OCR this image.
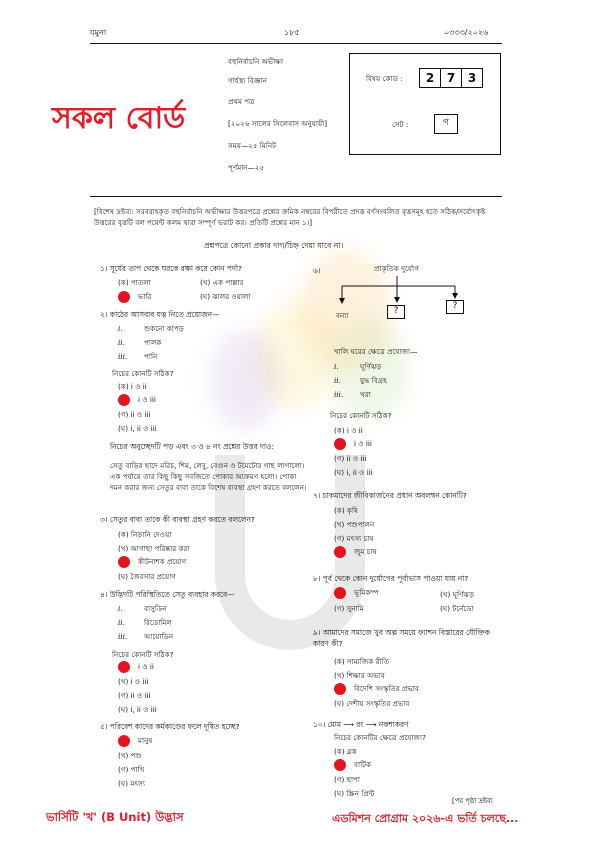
যমুনা	১৮৫	০৩৩৩/২০২৬
বহুনির্বাচনি অভীক্ষা
গার্হস্থ্য বিজ্ঞান
প্রথম পত্র
[২০২৬ সালের সিলেবাস অনুযায়ী]
সময়—২৫ মিনিট
পূর্ণমান—২৫
সকল বোর্ড
বিষয় কোড :	2	7	3
সেট :	গ
[বিশেষ দ্রষ্টব্য: সরবরাহকৃত বহুনির্বাচনি অভীক্ষার উত্তরপত্রে প্রশ্নের ক্রমিক নম্বরের বিপরীতে প্রদত্ত বর্ণসংবলিত বৃত্তসমূহ হতে সঠিক/সর্বোৎকৃষ্ট উত্তরের বৃত্তটি বল পয়েন্ট কলম দ্বারা সম্পূর্ণ ভরাট কর। প্রতিটি প্রশ্নের মান ১।]
প্রশ্নপত্রে কোনো প্রকার দাগ/চিহ্ন দেয়া যাবে না।
১। সূর্যের তাপ থেকে ঘরকে রক্ষা করে কোন পর্দা?
(ক) পাতলা	(খ) এক পাল্লার
ভারি	(ঘ) ঝালর ওয়ালা
২। কাঠের আসবাব যত্ন নিতে প্রয়োজন—
i.	শুকনো কাপড়
ii.	পালক
iii. পানি
নিচের কোনটি সঠিক?
(ক) i ও ii
i ও iii
(গ) ii ও iii
(ঘ) i, ii ও iii
নিচের অনুচ্ছেদটি পড় এবং ৩ ও ৪ নং প্রশ্নের উত্তর দাও:
সেতু বাড়ির ছাদে মরিচ, শিম, লেবু, বেগুন ও টমেটোর গাছ লাগালো। এক পর্যায়ে তার কিছু কিছু সবজিতে পোকার আক্রমণ হলো। পোকা দমন করার জন্য সেতুর বাবা তাকে বিশেষ ব্যবস্থা গ্রহণ করতে বললেন।
৩। সেতুর বাবা তাকে কী ব্যবস্থা গ্রহণ করতে বললেন?
(ক) নিড়ানি দেওয়া
(খ) আগাছা পরিষ্কার করা
কীটনাশক প্রয়োগ
(ঘ) জৈবসার প্রয়োগ
৪। উদ্ভিদটি পরিস্থিতিতে সেতু ব্যবহার করবে—
i.	বাসুডিন
ii.	রিডোমিল
iii. আয়োডিন
নিচের কোনটি সঠিক?
i ও ii
(খ) i ও iii
(গ) ii ও iii
(ঘ) i, ii ও iii
৫। পরিবেশ কাদের কর্মকাণ্ডের ফলে দূষিত হচ্ছে?
মানুষ
(খ) পশু
(গ) পাখি
(ঘ) মৎস্য
৬।	প্রাকৃতিক দুর্যোগ
বন্যা	?	?
খালি ঘরের ক্ষেত্রে প্রযোজ্য—
i.	ঘূর্ণিঝড়
ii.	যুদ্ধ বিগ্রহ
iii. খরা
নিচের কোনটি সঠিক?
(ক) i ও ii
i ও iii
(গ) ii ও iii
(ঘ) i, ii ও iii
৭। চাকমাদের জীবিকার্জনের প্রধান অবলম্বন কোনটি?
(ক) কৃষি
(খ) পশুপালন
(গ) মৎস্য চাষ
জুম চাষ
৮। পূর্ব থেকে কোন দুর্যোগের পূর্বাভাস পাওয়া যায় না?
ভূমিকম্প	(খ) ঘূর্ণিঝড়
(গ) সুনামি	(ঘ) টর্নেডো
৯। আমাদের সমাজে খুব অল্প সময়ে ফ্যাশন বিস্তারের যৌক্তিক কারণ কী?
(ক) সামাজিক রীতি
(খ) শিক্ষার অভাব
বিদেশি সংস্কৃতির প্রভাব
(ঘ) দেশীয় সংস্কৃতির প্রভাব
১০। মোম ⟶ রং ⟶ নকশাকরণ
নিচের কোনটির ক্ষেত্রে প্রযোজ্য?
(ক) ব্লক
বাটিক
(গ) ছাপা
(ঘ) স্ক্রিন প্রিন্ট
[পর পৃষ্ঠা দ্রষ্টব্য
ভার্সিটি 'খ' (B Unit) উদ্ভাস	এডমিশন প্রোগ্রাম ২০২৬-এ ভর্তি চলছে...
